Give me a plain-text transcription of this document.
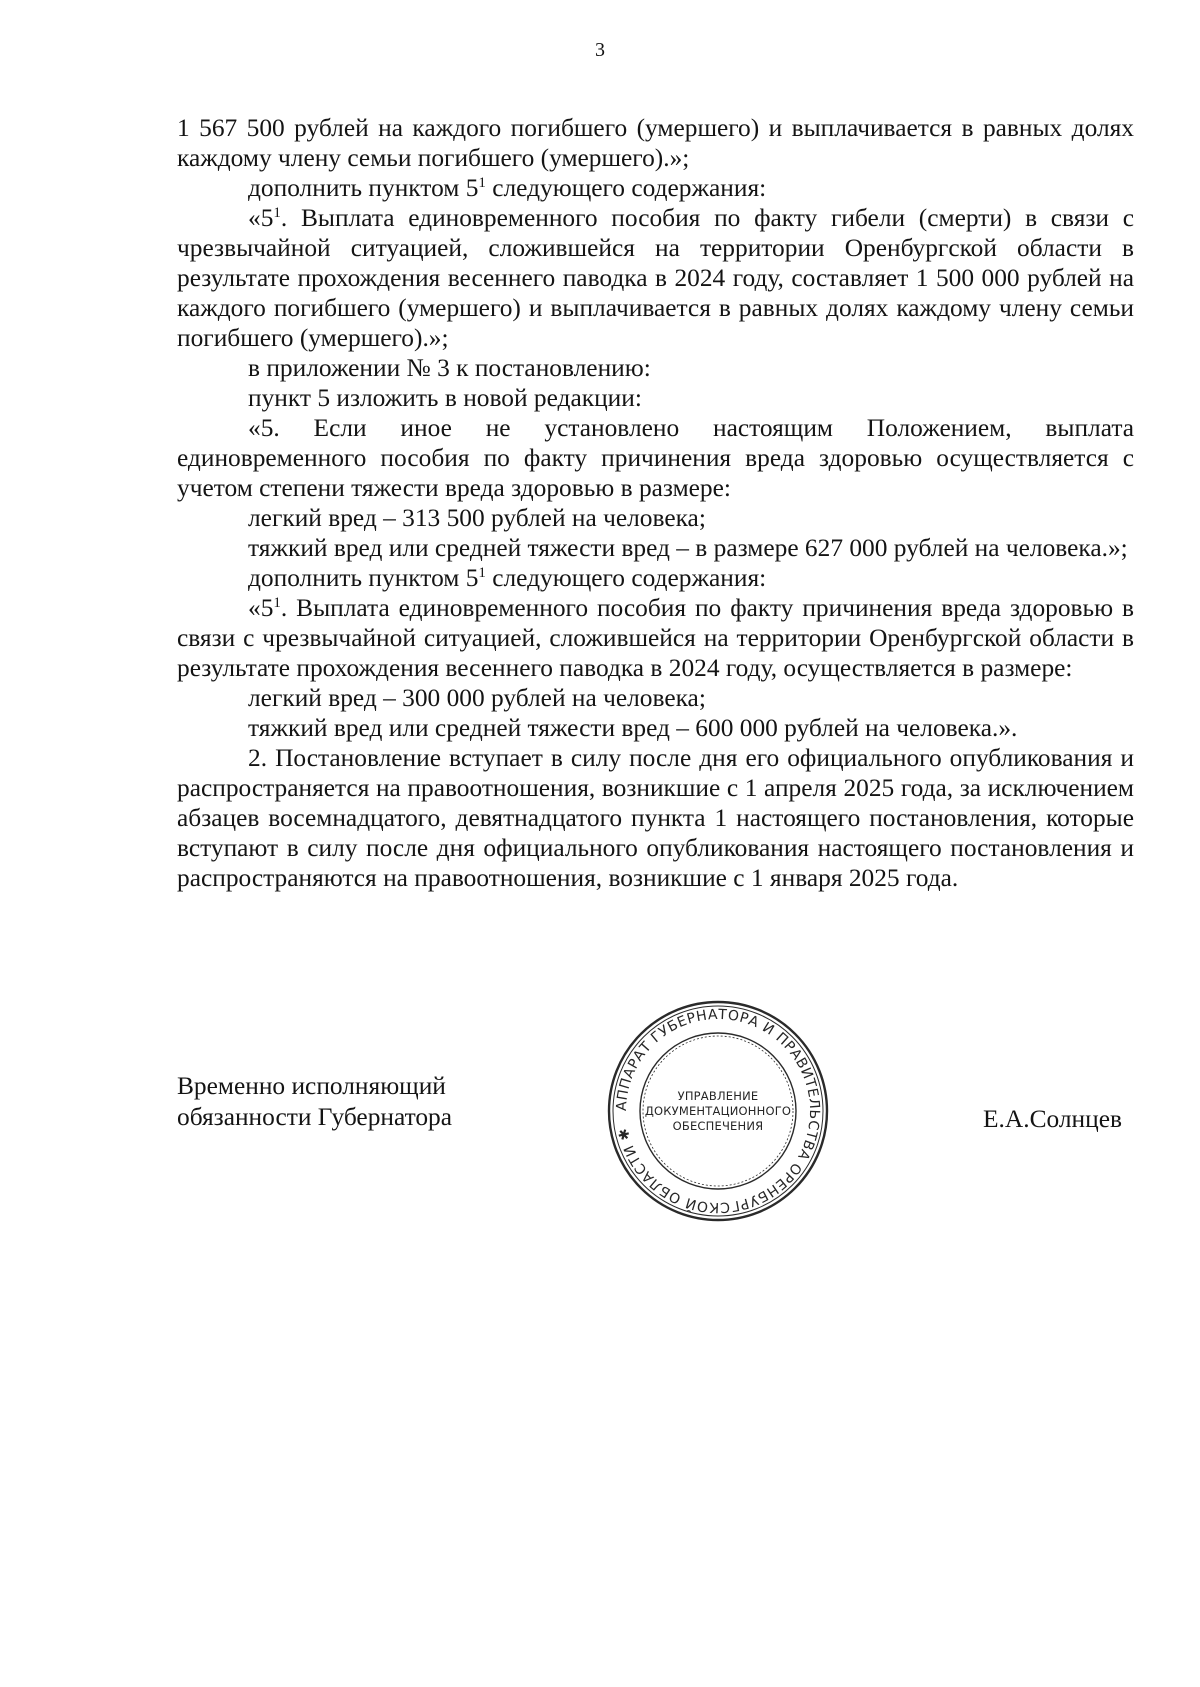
3

1 567 500 рублей на каждого погибшего (умершего) и выплачивается в равных долях каждому члену семьи погибшего (умершего).»;

дополнить пунктом $5^1$ следующего содержания:

«$5^1$. Выплата единовременного пособия по факту гибели (смерти) в связи с чрезвычайной ситуацией, сложившейся на территории Оренбургской области в результате прохождения весеннего паводка в 2024 году, составляет 1 500 000 рублей на каждого погибшего (умершего) и выплачивается в равных долях каждому члену семьи погибшего (умершего).»;

в приложении № 3 к постановлению:

пункт 5 изложить в новой редакции:

«5. Если иное не установлено настоящим Положением, выплата единовременного пособия по факту причинения вреда здоровью осуществляется с учетом степени тяжести вреда здоровью в размере:

легкий вред – 313 500 рублей на человека;

тяжкий вред или средней тяжести вред – в размере 627 000 рублей на человека.»;

дополнить пунктом $5^1$ следующего содержания:

«$5^1$. Выплата единовременного пособия по факту причинения вреда здоровью в связи с чрезвычайной ситуацией, сложившейся на территории Оренбургской области в результате прохождения весеннего паводка в 2024 году, осуществляется в размере:

легкий вред – 300 000 рублей на человека;

тяжкий вред или средней тяжести вред – 600 000 рублей на человека.».

2. Постановление вступает в силу после дня его официального опубликования и распространяется на правоотношения, возникшие с 1 апреля 2025 года, за исключением абзацев восемнадцатого, девятнадцатого пункта 1 настоящего постановления, которые вступают в силу после дня официального опубликования настоящего постановления и распространяются на правоотношения, возникшие с 1 января 2025 года.

Временно исполняющий
обязанности Губернатора	АППАРАТ ГУБЕРНАТОРА И ПРАВИТЕЛЬСТВА ОРЕНБУРГСКОЙ ОБЛАСТИ ✱
УПРАВЛЕНИЕ
ДОКУМЕНТАЦИОННОГО
ОБЕСПЕЧЕНИЯ	Е.А.Солнцев
